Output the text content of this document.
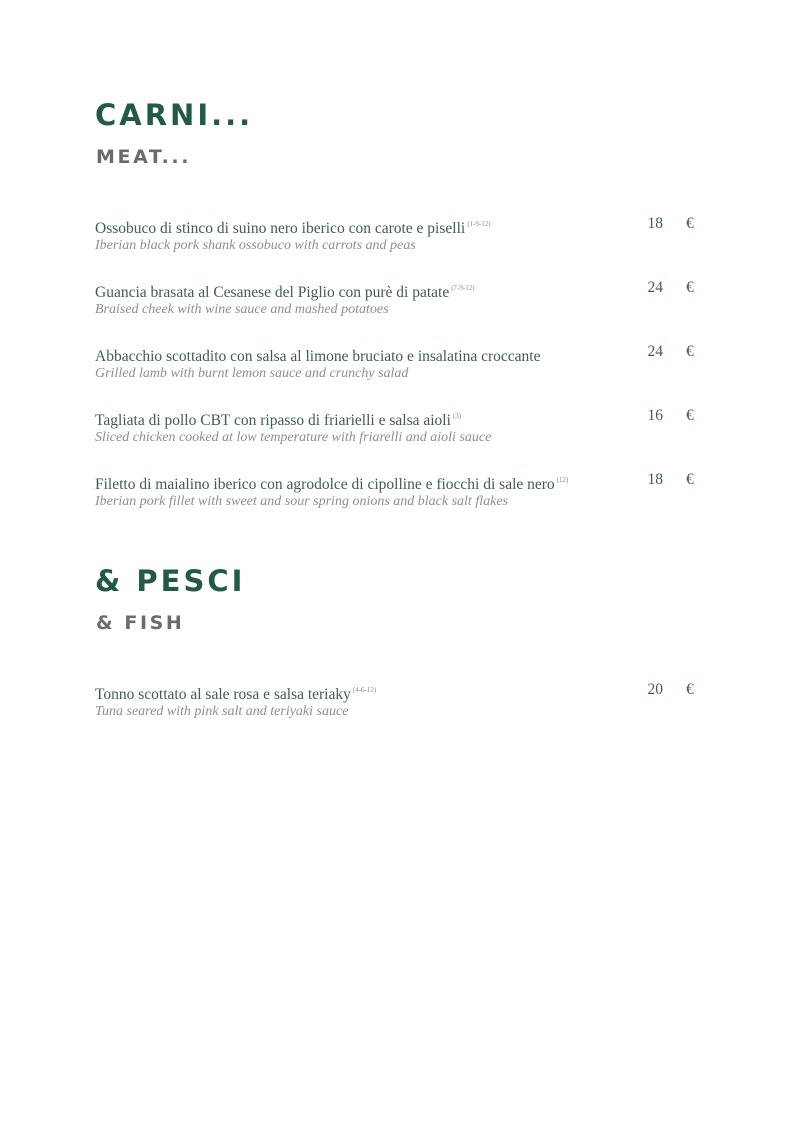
CARNI...
MEAT...
Ossobuco di stinco di suino nero iberico con carote e piselli $^{(1-9-12)}$
Iberian black pork shank ossobuco with carrots and peas
18 €
Guancia brasata al Cesanese del Piglio con purè di patate $^{(7-9-12)}$
Braised cheek with wine sauce and mashed potatoes
24 €
Abbacchio scottadito con salsa al limone bruciato e insalatina croccante
Grilled lamb with burnt lemon sauce and crunchy salad
24 €
Tagliata di pollo CBT con ripasso di friarielli e salsa aioli $^{(3)}$
Sliced chicken cooked at low temperature with friarelli and aioli sauce
16 €
Filetto di maialino iberico con agrodolce di cipolline e fiocchi di sale nero $^{(12)}$
Iberian pork fillet with sweet and sour spring onions and black salt flakes
18 €
& PESCI
& FISH
Tonno scottato al sale rosa e salsa teriaky $^{(4-6-12)}$
Tuna seared with pink salt and teriyaki sauce
20 €
